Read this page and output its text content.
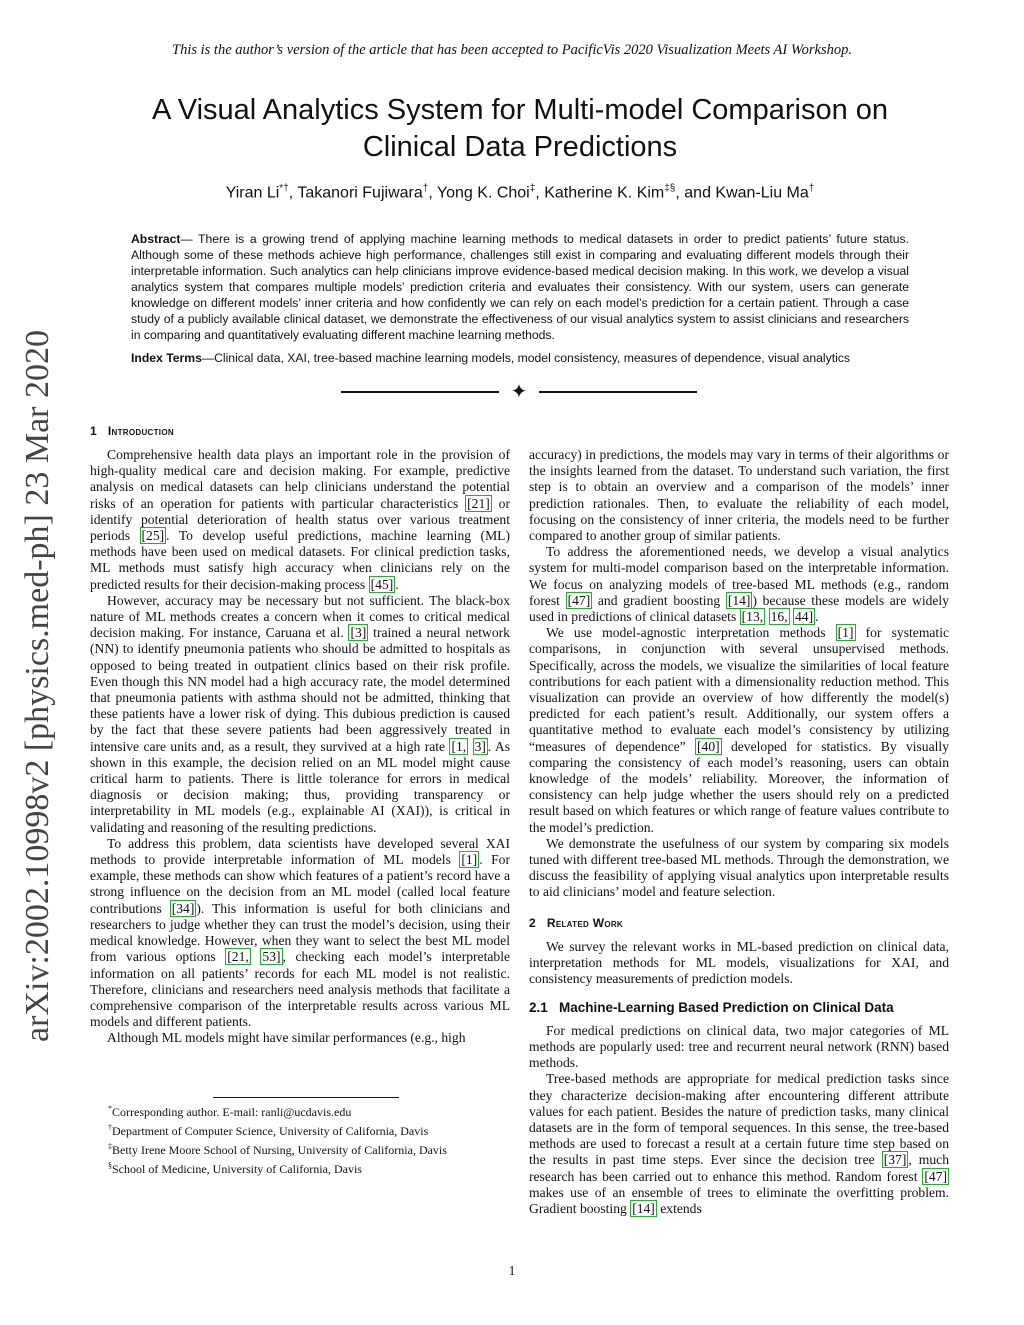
This is the author’s version of the article that has been accepted to PacificVis 2020 Visualization Meets AI Workshop.
arXiv:2002.10998v2 [physics.med-ph] 23 Mar 2020
A Visual Analytics System for Multi-model Comparison on
Clinical Data Predictions
Yiran Li*†, Takanori Fujiwara†, Yong K. Choi‡, Katherine K. Kim‡§, and Kwan-Liu Ma†
Abstract— There is a growing trend of applying machine learning methods to medical datasets in order to predict patients’ future status. Although some of these methods achieve high performance, challenges still exist in comparing and evaluating different models through their interpretable information. Such analytics can help clinicians improve evidence-based medical decision making. In this work, we develop a visual analytics system that compares multiple models’ prediction criteria and evaluates their consistency. With our system, users can generate knowledge on different models’ inner criteria and how confidently we can rely on each model’s prediction for a certain patient. Through a case study of a publicly available clinical dataset, we demonstrate the effectiveness of our visual analytics system to assist clinicians and researchers in comparing and quantitatively evaluating different machine learning methods.
Index Terms—Clinical data, XAI, tree-based machine learning models, model consistency, measures of dependence, visual analytics
✦
1 Introduction

Comprehensive health data plays an important role in the provision of high-quality medical care and decision making. For example, predictive analysis on medical datasets can help clinicians understand the potential risks of an operation for patients with particular characteristics [21] or identify potential deterioration of health status over various treatment periods [25] . To develop useful predictions, machine learning (ML) methods have been used on medical datasets. For clinical prediction tasks, ML methods must satisfy high accuracy when clinicians rely on the predicted results for their decision-making process [45] .

However, accuracy may be necessary but not sufficient. The black-box nature of ML methods creates a concern when it comes to critical medical decision making. For instance, Caruana et al. [3] trained a neural network (NN) to identify pneumonia patients who should be admitted to hospitals as opposed to being treated in outpatient clinics based on their risk profile. Even though this NN model had a high accuracy rate, the model determined that pneumonia patients with asthma should not be admitted, thinking that these patients have a lower risk of dying. This dubious prediction is caused by the fact that these severe patients had been aggressively treated in intensive care units and, as a result, they survived at a high rate [1, 3] . As shown in this example, the decision relied on an ML model might cause critical harm to patients. There is little tolerance for errors in medical diagnosis or decision making; thus, providing transparency or interpretability in ML models (e.g., explainable AI (XAI)), is critical in validating and reasoning of the resulting predictions.

To address this problem, data scientists have developed several XAI methods to provide interpretable information of ML models [1] . For example, these methods can show which features of a patient’s record have a strong influence on the decision from an ML model (called local feature contributions [34] ). This information is useful for both clinicians and researchers to judge whether they can trust the model’s decision, using their medical knowledge. However, when they want to select the best ML model from various options [21, 53] , checking each model’s interpretable information on all patients’ records for each ML model is not realistic. Therefore, clinicians and researchers need analysis methods that facilitate a comprehensive comparison of the interpretable results across various ML models and different patients.

Although ML models might have similar performances (e.g., high

*Corresponding author. E-mail: ranli@ucdavis.edu
†Department of Computer Science, University of California, Davis
‡Betty Irene Moore School of Nursing, University of California, Davis
§School of Medicine, University of California, Davis

accuracy) in predictions, the models may vary in terms of their algorithms or the insights learned from the dataset. To understand such variation, the first step is to obtain an overview and a comparison of the models’ inner prediction rationales. Then, to evaluate the reliability of each model, focusing on the consistency of inner criteria, the models need to be further compared to another group of similar patients.

To address the aforementioned needs, we develop a visual analytics system for multi-model comparison based on the interpretable information. We focus on analyzing models of tree-based ML methods (e.g., random forest [47] and gradient boosting [14] ) because these models are widely used in predictions of clinical datasets [13, 16, 44] .

We use model-agnostic interpretation methods [1] for systematic comparisons, in conjunction with several unsupervised methods. Specifically, across the models, we visualize the similarities of local feature contributions for each patient with a dimensionality reduction method. This visualization can provide an overview of how differently the model(s) predicted for each patient’s result. Additionally, our system offers a quantitative method to evaluate each model’s consistency by utilizing “measures of dependence” [40] developed for statistics. By visually comparing the consistency of each model’s reasoning, users can obtain knowledge of the models’ reliability. Moreover, the information of consistency can help judge whether the users should rely on a predicted result based on which features or which range of feature values contribute to the model’s prediction.

We demonstrate the usefulness of our system by comparing six models tuned with different tree-based ML methods. Through the demonstration, we discuss the feasibility of applying visual analytics upon interpretable results to aid clinicians’ model and feature selection.

2 Related Work

We survey the relevant works in ML-based prediction on clinical data, interpretation methods for ML models, visualizations for XAI, and consistency measurements of prediction models.

2.1 Machine-Learning Based Prediction on Clinical Data

For medical predictions on clinical data, two major categories of ML methods are popularly used: tree and recurrent neural network (RNN) based methods.

Tree-based methods are appropriate for medical prediction tasks since they characterize decision-making after encountering different attribute values for each patient. Besides the nature of prediction tasks, many clinical datasets are in the form of temporal sequences. In this sense, the tree-based methods are used to forecast a result at a certain future time step based on the results in past time steps. Ever since the decision tree [37] , much research has been carried out to enhance this method. Random forest [47] makes use of an ensemble of trees to eliminate the overfitting problem. Gradient boosting [14] extends

1
